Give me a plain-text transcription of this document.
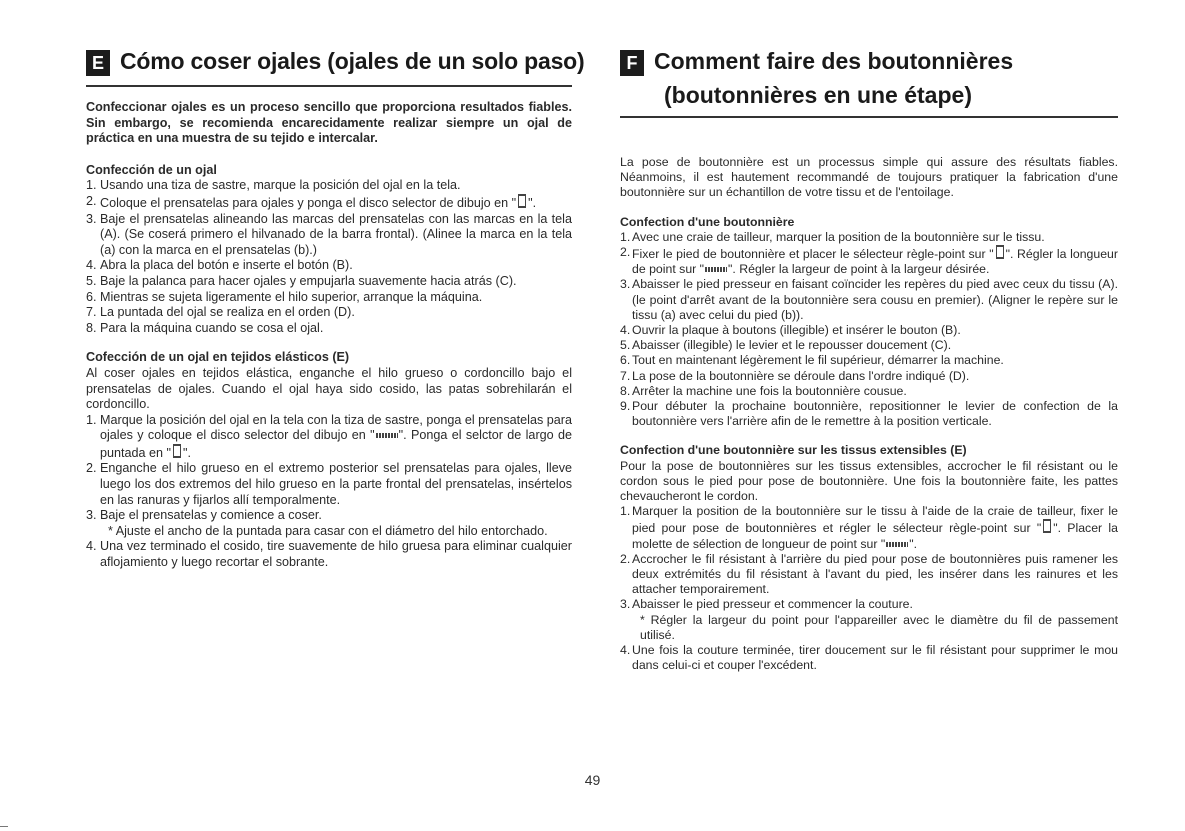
E Cómo coser ojales (ojales de un solo paso)

Confeccionar ojales es un proceso sencillo que proporciona resultados fiables. Sin embargo, se recomienda encarecidamente realizar siempre un ojal de práctica en una muestra de su tejido e intercalar.

Confección de un ojal

1. Usando una tiza de sastre, marque la posición del ojal en la tela.
2. Coloque el prensatelas para ojales y ponga el disco selector de dibujo en " ".
3. Baje el prensatelas alineando las marcas del prensatelas con las marcas en la tela (A). (Se coserá primero el hilvanado de la barra frontal). (Alinee la marca en la tela (a) con la marca en el prensatelas (b).)
4. Abra la placa del botón e inserte el botón (B).
5. Baje la palanca para hacer ojales y empujarla suavemente hacia atrás (C).
6. Mientras se sujeta ligeramente el hilo superior, arranque la máquina.
7. La puntada del ojal se realiza en el orden (D).
8. Para la máquina cuando se cosa el ojal.

Cofección de un ojal en tejidos elásticos (E)

Al coser ojales en tejidos elástica, enganche el hilo grueso o cordoncillo bajo el prensatelas de ojales. Cuando el ojal haya sido cosido, las patas sobrehilarán el cordoncillo.

1. Marque la posición del ojal en la tela con la tiza de sastre, ponga el prensatelas para ojales y coloque el disco selector del dibujo en " ". Ponga el selctor de largo de puntada en " ".
2. Enganche el hilo grueso en el extremo posterior sel prensatelas para ojales, lleve luego los dos extremos del hilo grueso en la parte frontal del prensatelas, insértelos en las ranuras y fijarlos allí temporalmente.
3. Baje el prensatelas y comience a coser.
* Ajuste el ancho de la puntada para casar con el diámetro del hilo entorchado.
4. Una vez terminado el cosido, tire suavemente de hilo gruesa para eliminar cualquier aflojamiento y luego recortar el sobrante.
F Comment faire des boutonnières
(boutonnières en une étape)

La pose de boutonnière est un processus simple qui assure des résultats fiables. Néanmoins, il est hautement recommandé de toujours pratiquer la fabrication d'une boutonnière sur un échantillon de votre tissu et de l'entoilage.

Confection d'une boutonnière

1. Avec une craie de tailleur, marquer la position de la boutonnière sur le tissu.
2. Fixer le pied de boutonnière et placer le sélecteur règle-point sur " ". Régler la longueur de point sur " ". Régler la largeur de point à la largeur désirée.
3. Abaisser le pied presseur en faisant coïncider les repères du pied avec ceux du tissu (A). (le point d'arrêt avant de la boutonnière sera cousu en premier). (Aligner le repère sur le tissu (a) avec celui du pied (b)).
4. Ouvrir la plaque à boutons (illegible) et insérer le bouton (B).
5. Abaisser (illegible) le levier et le repousser doucement (C).
6. Tout en maintenant légèrement le fil supérieur, démarrer la machine.
7. La pose de la boutonnière se déroule dans l'ordre indiqué (D).
8. Arrêter la machine une fois la boutonnière cousue.
9. Pour débuter la prochaine boutonnière, repositionner le levier de confection de la boutonnière vers l'arrière afin de le remettre à la position verticale.

Confection d'une boutonnière sur les tissus extensibles (E)

Pour la pose de boutonnières sur les tissus extensibles, accrocher le fil résistant ou le cordon sous le pied pour pose de boutonnière. Une fois la boutonnière faite, les pattes chevaucheront le cordon.

1. Marquer la position de la boutonnière sur le tissu à l'aide de la craie de tailleur, fixer le pied pour pose de boutonnières et régler le sélecteur règle-point sur " ". Placer la molette de sélection de longueur de point sur " ".
2. Accrocher le fil résistant à l'arrière du pied pour pose de boutonnières puis ramener les deux extrémités du fil résistant à l'avant du pied, les insérer dans les rainures et les attacher temporairement.
3. Abaisser le pied presseur et commencer la couture.
* Régler la largeur du point pour l'appareiller avec le diamètre du fil de passement utilisé.
4. Une fois la couture terminée, tirer doucement sur le fil résistant pour supprimer le mou dans celui-ci et couper l'excédent.
49
